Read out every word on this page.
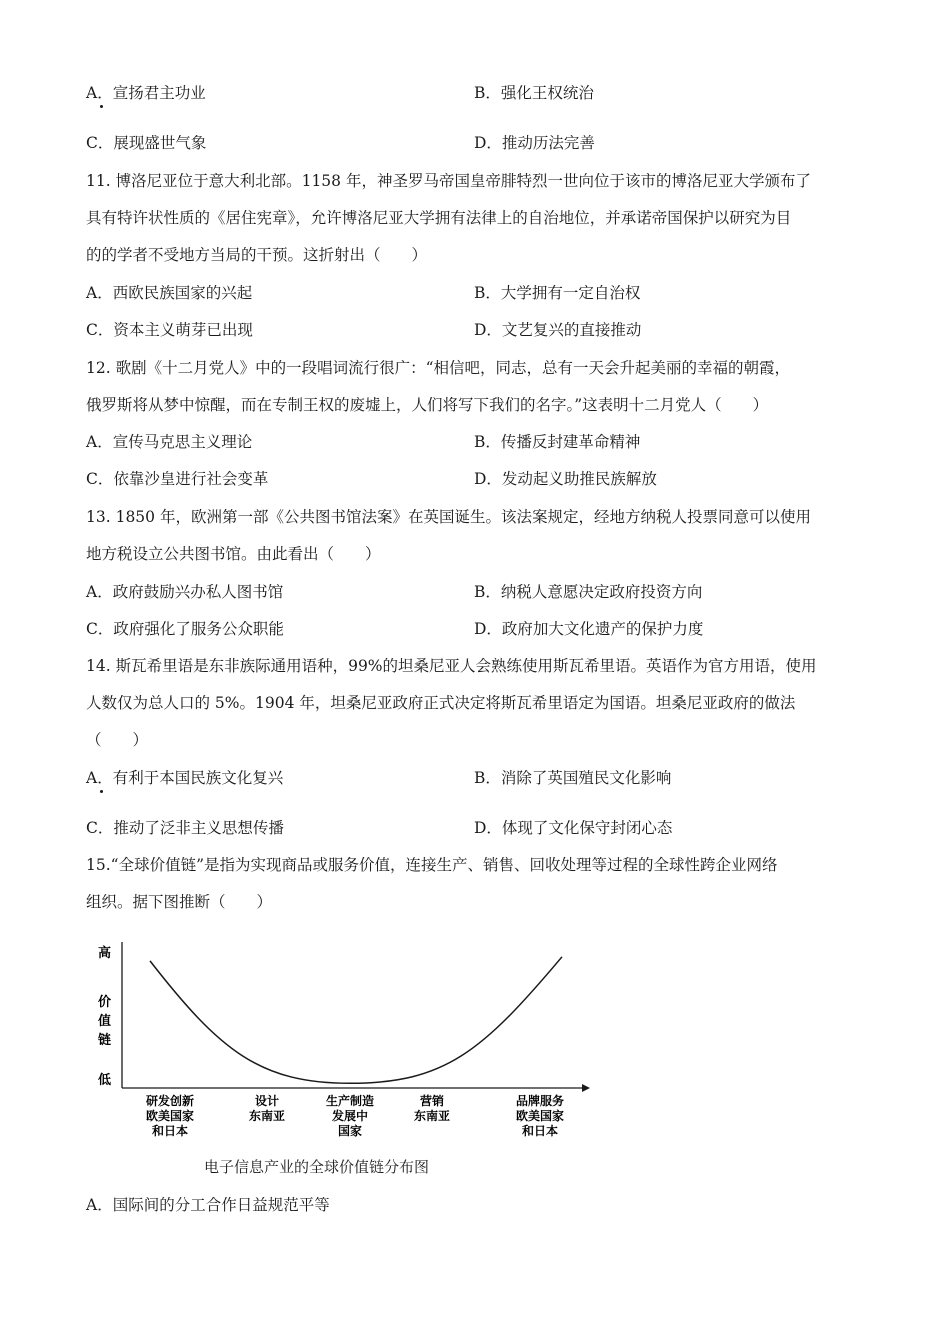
A．宣扬君主功业	B．强化王权统治
C．展现盛世气象	D．推动历法完善
11. 博洛尼亚位于意大利北部。1158 年，神圣罗马帝国皇帝腓特烈一世向位于该市的博洛尼亚大学颁布了
具有特许状性质的《居住宪章》，允许博洛尼亚大学拥有法律上的自治地位，并承诺帝国保护以研究为目
的的学者不受地方当局的干预。这折射出（　　）
A．西欧民族国家的兴起	B．大学拥有一定自治权
C．资本主义萌芽已出现	D．文艺复兴的直接推动
12. 歌剧《十二月党人》中的一段唱词流行很广：“相信吧，同志，总有一天会升起美丽的幸福的朝霞，
俄罗斯将从梦中惊醒，而在专制王权的废墟上，人们将写下我们的名字。”这表明十二月党人（　　）
A．宣传马克思主义理论	B．传播反封建革命精神
C．依靠沙皇进行社会变革	D．发动起义助推民族解放
13. 1850 年，欧洲第一部《公共图书馆法案》在英国诞生。该法案规定，经地方纳税人投票同意可以使用
地方税设立公共图书馆。由此看出（　　）
A．政府鼓励兴办私人图书馆	B．纳税人意愿决定政府投资方向
C．政府强化了服务公众职能	D．政府加大文化遗产的保护力度
14. 斯瓦希里语是东非族际通用语种，99%的坦桑尼亚人会熟练使用斯瓦希里语。英语作为官方用语，使用
人数仅为总人口的 5%。1904 年，坦桑尼亚政府正式决定将斯瓦希里语定为国语。坦桑尼亚政府的做法
（　　）
A．有利于本国民族文化复兴	B．消除了英国殖民文化影响
C．推动了泛非主义思想传播	D．体现了文化保守封闭心态
15.“全球价值链”是指为实现商品或服务价值，连接生产、销售、回收处理等过程的全球性跨企业网络
组织。据下图推断（　　）
高
价
值
链
低
研发创新
欧美国家
和日本
设计
东南亚
生产制造
发展中
国家
营销
东南亚
品牌服务
欧美国家
和日本
电子信息产业的全球价值链分布图
A．国际间的分工合作日益规范平等
